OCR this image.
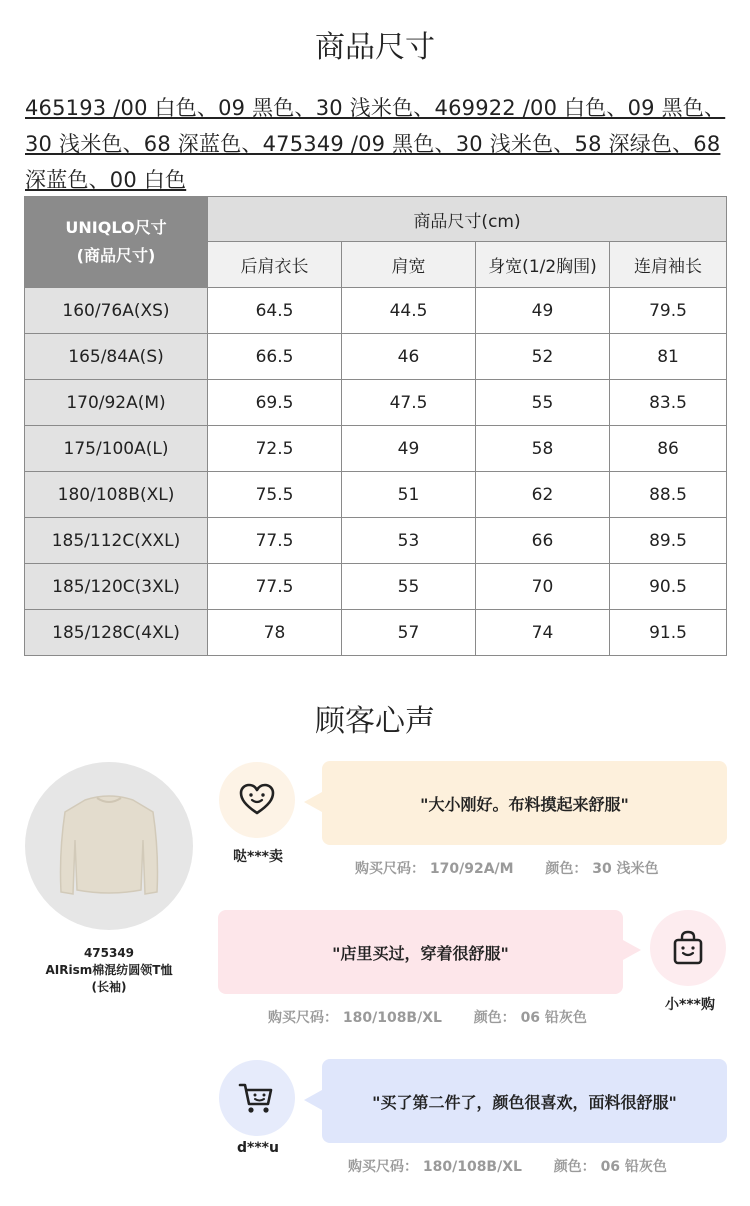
商品尺寸
465193 /00 白色、09 黑色、30 浅米色、469922 /00 白色、09 黑色、30 浅米色、68 深蓝色、475349 /09 黑色、30 浅米色、58 深绿色、68 深蓝色、00 白色
UNIQLO尺寸
(商品尺寸)	商品尺寸(cm)			
	后肩衣长	肩宽	身宽(1/2胸围)	连肩袖长
160/76A(XS)	64.5	44.5	49	79.5
165/84A(S)	66.5	46	52	81
170/92A(M)	69.5	47.5	55	83.5
175/100A(L)	72.5	49	58	86
180/108B(XL)	75.5	51	62	88.5
185/112C(XXL)	77.5	53	66	89.5
185/120C(3XL)	77.5	55	70	90.5
185/128C(4XL)	78	57	74	91.5
顾客心声
475349
AIRism棉混纺圆领T恤
(长袖)
哒***卖
"大小刚好。布料摸起来舒服"
购买尺码： 170/92A/M 颜色： 30 浅米色
"店里买过，穿着很舒服"
小***购
购买尺码： 180/108B/XL 颜色： 06 铅灰色
d***u
"买了第二件了，颜色很喜欢，面料很舒服"
购买尺码： 180/108B/XL 颜色： 06 铅灰色
